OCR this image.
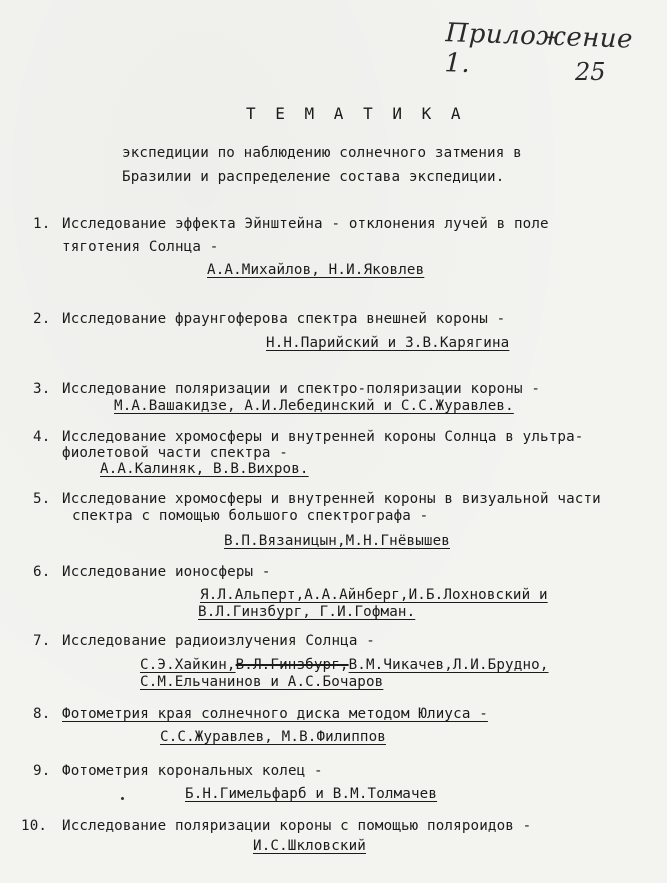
Приложение 1.	25
Т Е М А Т И К А
экспедиции по наблюдению солнечного затмения в
Бразилии и распределение состава экспедиции.
1. Исследование эффекта Эйнштейна - отклонения лучей в поле
тяготения Солнца -
А.А.Михайлов, Н.И.Яковлев
2. Исследование фраунгоферова спектра внешней короны -
Н.Н.Парийский и З.В.Карягина
3. Исследование поляризации и спектро-поляризации короны -
М.А.Вашакидзе, А.И.Лебединский и С.С.Журавлев.
4. Исследование хромосферы и внутренней короны Солнца в ультра-
фиолетовой части спектра -
А.А.Калиняк, В.В.Вихров.
5. Исследование хромосферы и внутренней короны в визуальной части
спектра с помощью большого спектрографа -
В.П.Вязаницын,М.Н.Гнёвышев
6. Исследование ионосферы -
Я.Л.Альперт,А.А.Айнберг,И.Б.Лохновский и
В.Л.Гинзбург, Г.И.Гофман.
7. Исследование радиоизлучения Солнца -
С.Э.Хайкин,В.Л.Гинзбург,В.М.Чикачев,Л.И.Брудно,
С.М.Ельчанинов и А.С.Бочаров
8. Фотометрия края солнечного диска методом Юлиуса -
С.С.Журавлев, М.В.Филиппов
9. Фотометрия корональных колец -
Б.Н.Гимельфарб и В.М.Толмачев
10. Исследование поляризации короны с помощью поляроидов -
И.С.Шкловский
